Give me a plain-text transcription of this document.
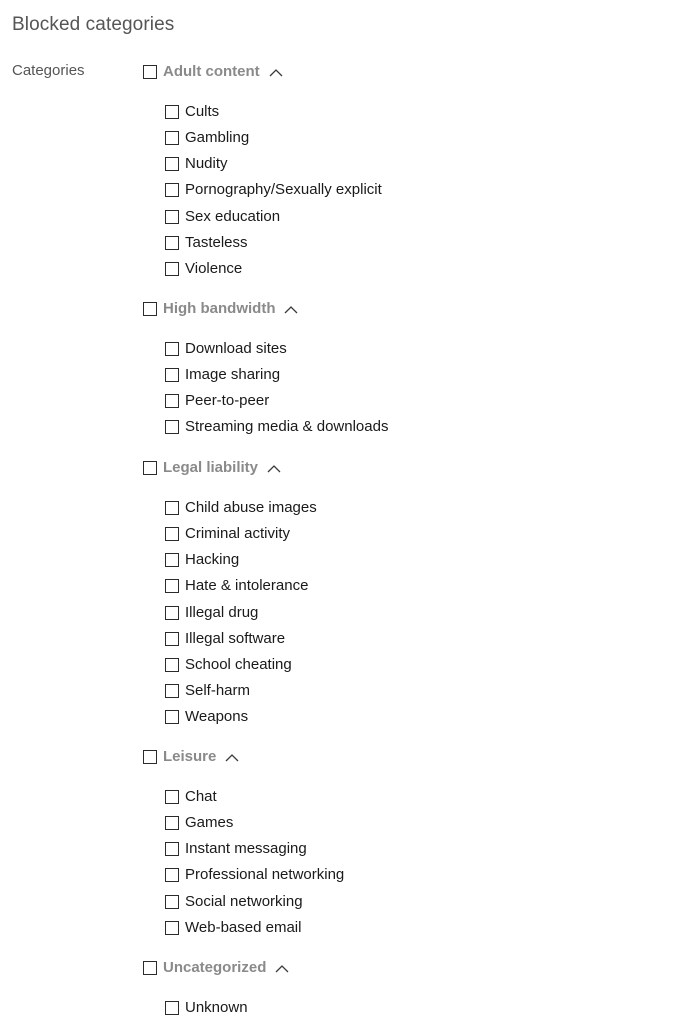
Blocked categories
Categories	Adult content
Cults
Gambling
Nudity
Pornography/Sexually explicit
Sex education
Tasteless
Violence
High bandwidth
Download sites
Image sharing
Peer-to-peer
Streaming media & downloads
Legal liability
Child abuse images
Criminal activity
Hacking
Hate & intolerance
Illegal drug
Illegal software
School cheating
Self-harm
Weapons
Leisure
Chat
Games
Instant messaging
Professional networking
Social networking
Web-based email
Uncategorized
Unknown
